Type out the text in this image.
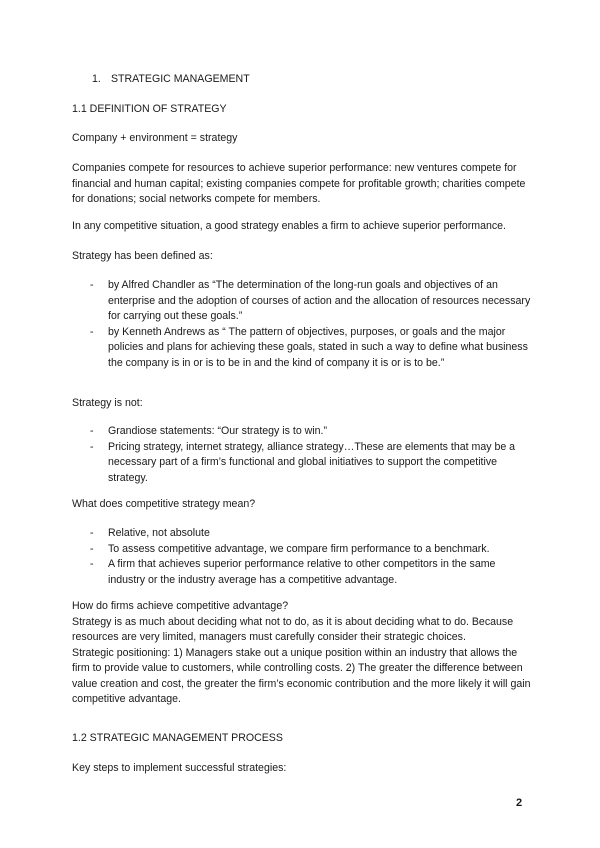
1. STRATEGIC MANAGEMENT

1.1 DEFINITION OF STRATEGY

Company + environment = strategy

Companies compete for resources to achieve superior performance: new ventures compete for financial and human capital; existing companies compete for profitable growth; charities compete for donations; social networks compete for members.

In any competitive situation, a good strategy enables a firm to achieve superior performance.

Strategy has been defined as:

- by Alfred Chandler as “The determination of the long-run goals and objectives of an enterprise and the adoption of courses of action and the allocation of resources necessary for carrying out these goals.”
- by Kenneth Andrews as “ The pattern of objectives, purposes, or goals and the major policies and plans for achieving these goals, stated in such a way to define what business the company is in or is to be in and the kind of company it is or is to be.”

Strategy is not:

- Grandiose statements: “Our strategy is to win.”
- Pricing strategy, internet strategy, alliance strategy…These are elements that may be a necessary part of a firm’s functional and global initiatives to support the competitive strategy.

What does competitive strategy mean?

- Relative, not absolute
- To assess competitive advantage, we compare firm performance to a benchmark.
- A firm that achieves superior performance relative to other competitors in the same industry or the industry average has a competitive advantage.

How do firms achieve competitive advantage?

Strategy is as much about deciding what not to do, as it is about deciding what to do. Because resources are very limited, managers must carefully consider their strategic choices.

Strategic positioning: 1) Managers stake out a unique position within an industry that allows the firm to provide value to customers, while controlling costs. 2) The greater the difference between value creation and cost, the greater the firm’s economic contribution and the more likely it will gain competitive advantage.

1.2 STRATEGIC MANAGEMENT PROCESS

Key steps to implement successful strategies:

2
